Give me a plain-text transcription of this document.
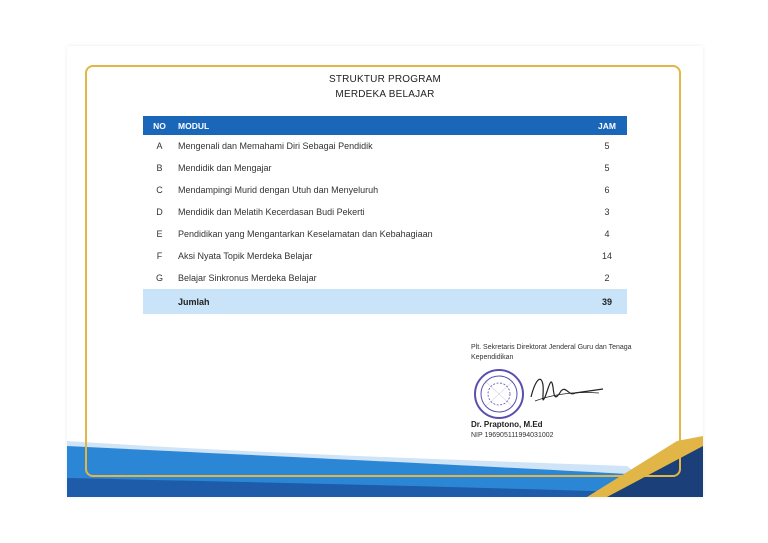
STRUKTUR PROGRAM
MERDEKA BELAJAR
NO	MODUL	JAM
A	Mengenali dan Memahami Diri Sebagai Pendidik	5
B	Mendidik dan Mengajar	5
C	Mendampingi Murid dengan Utuh dan Menyeluruh	6
D	Mendidik dan Melatih Kecerdasan Budi Pekerti	3
E	Pendidikan yang Mengantarkan Keselamatan dan Kebahagiaan	4
F	Aksi Nyata Topik Merdeka Belajar	14
G	Belajar Sinkronus Merdeka Belajar	2
	Jumlah	39
Plt. Sekretaris Direktorat Jenderal Guru dan Tenaga Kependidikan
Dr. Praptono, M.Ed
NIP 196905111994031002
